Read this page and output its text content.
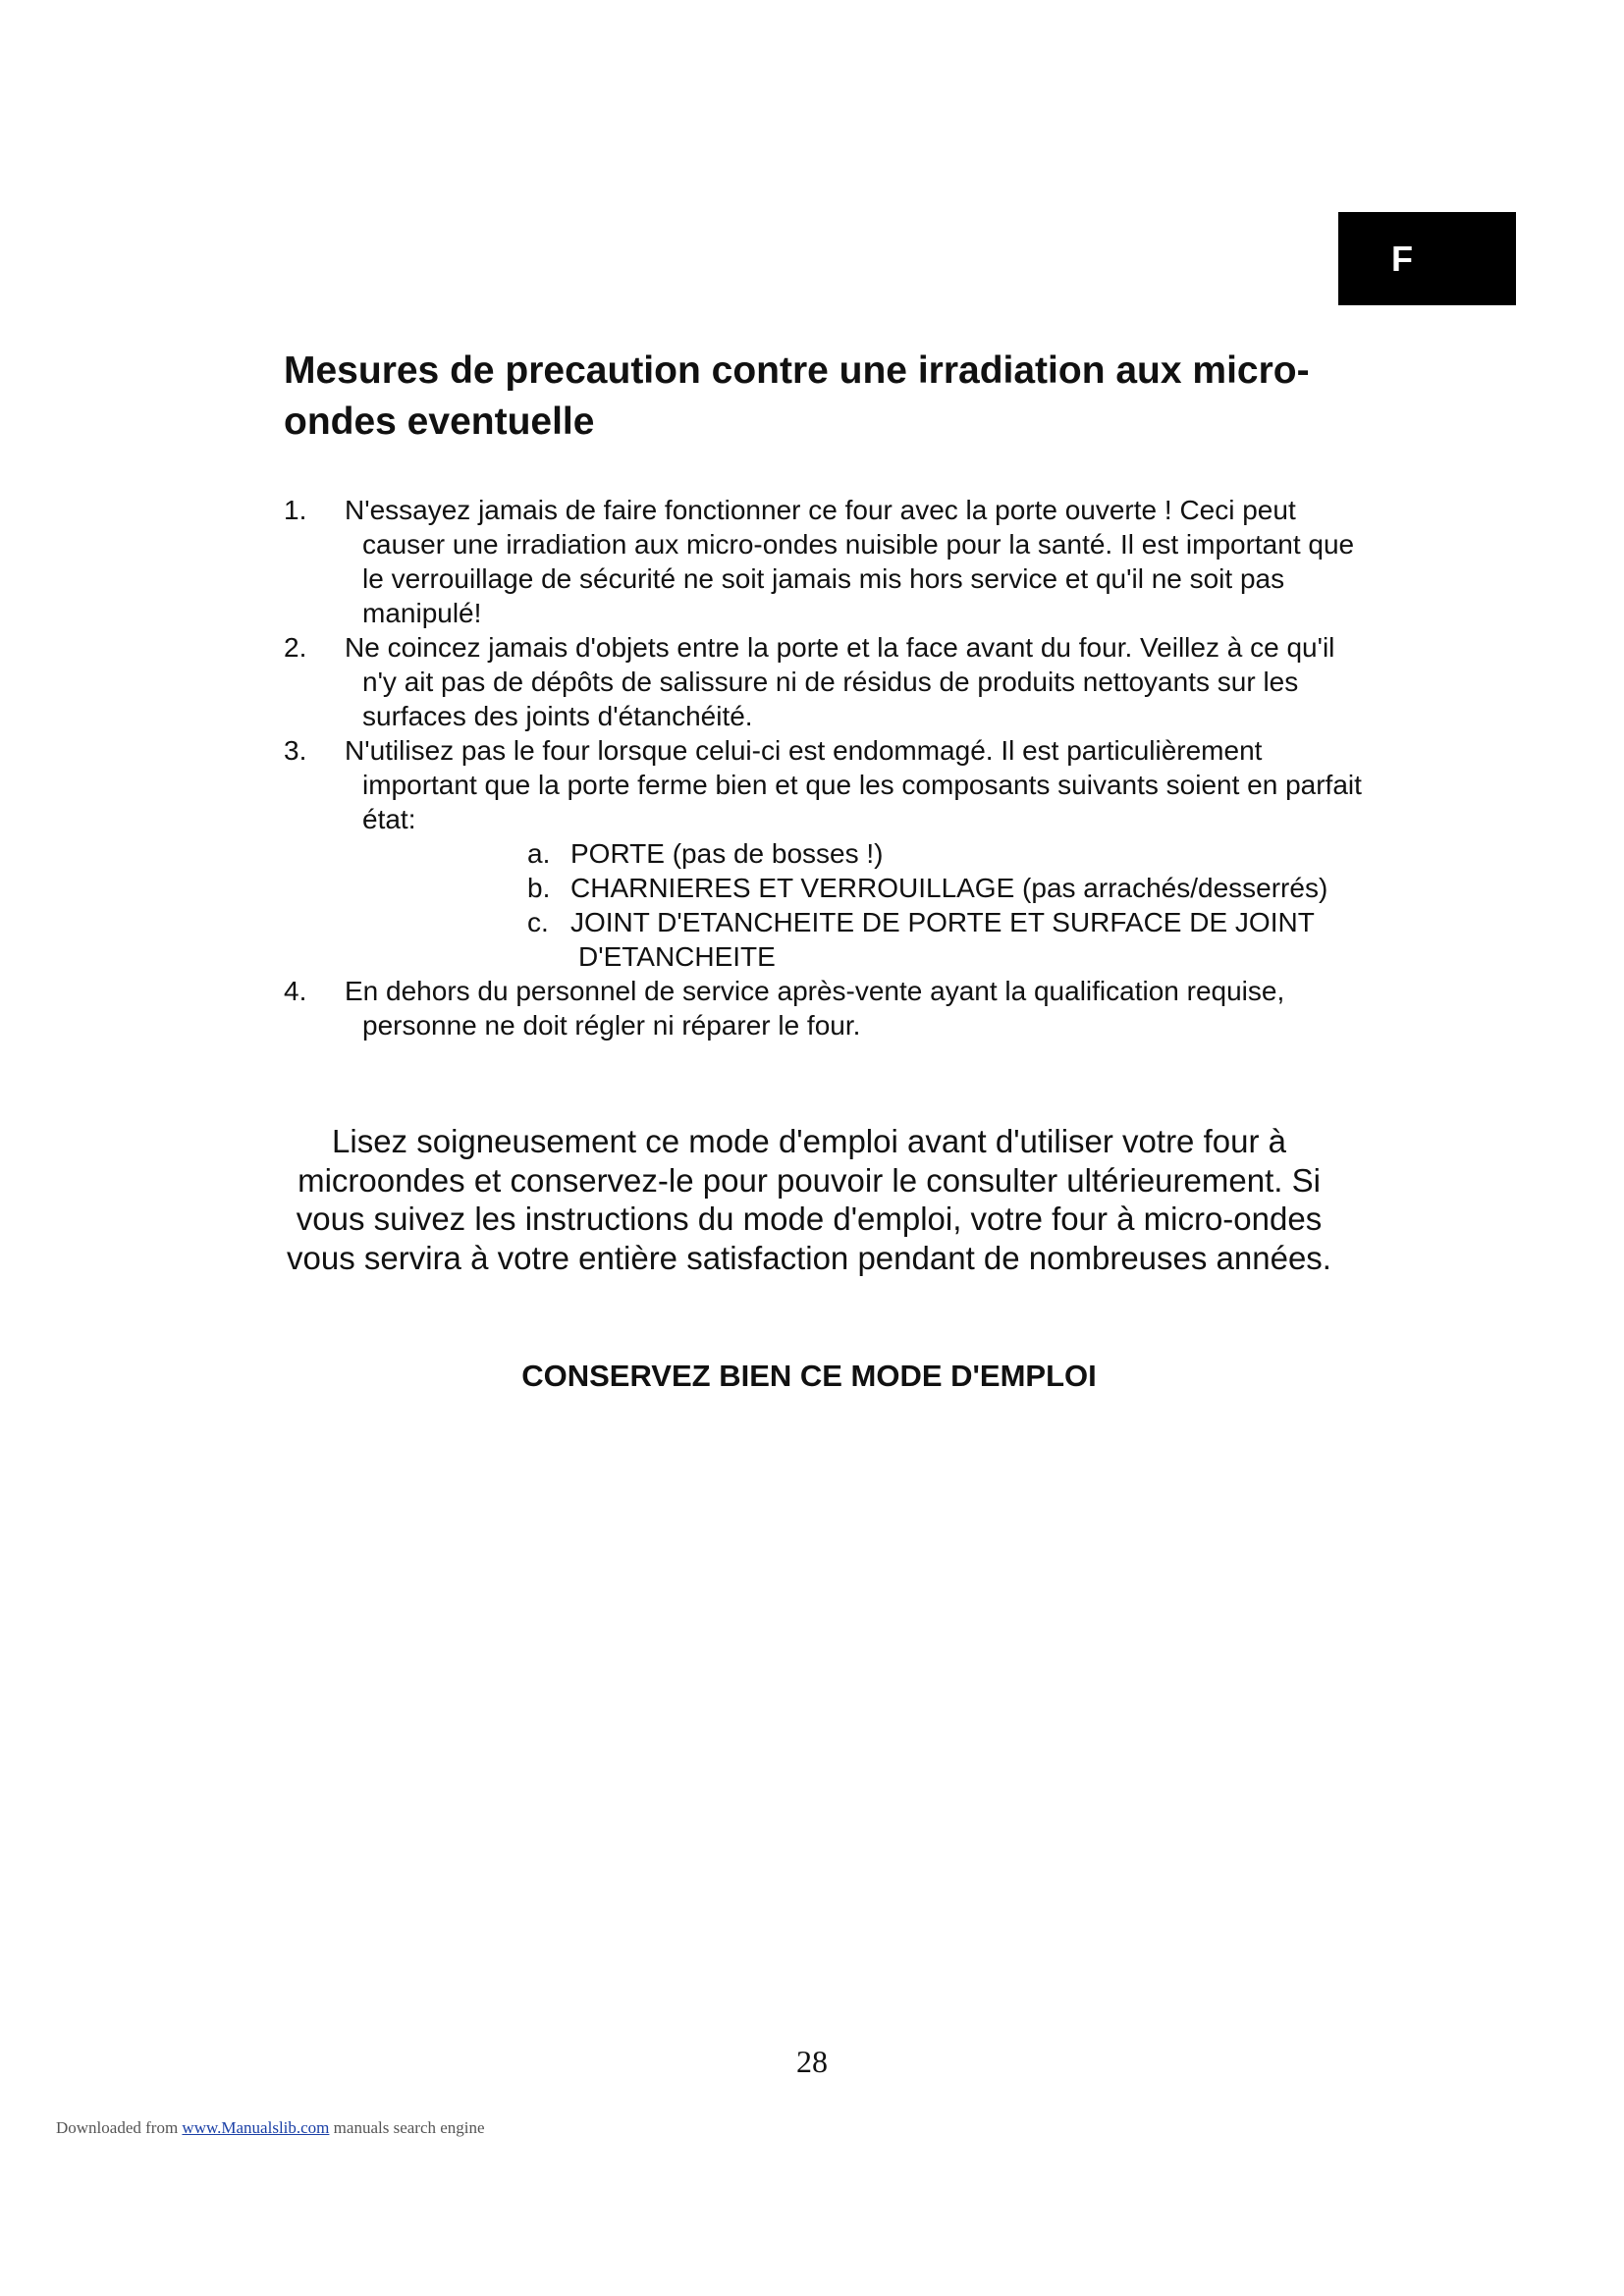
F
Mesures de precaution contre une irradiation aux micro-ondes eventuelle
1. N'essayez jamais de faire fonctionner ce four avec la porte ouverte ! Ceci peut causer une irradiation aux micro-ondes nuisible pour la santé. Il est important que le verrouillage de sécurité ne soit jamais mis hors service et qu'il ne soit pas manipulé!
2. Ne coincez jamais d'objets entre la porte et la face avant du four. Veillez à ce qu'il n'y ait pas de dépôts de salissure ni de résidus de produits nettoyants sur les surfaces des joints d'étanchéité.
3. N'utilisez pas le four lorsque celui-ci est endommagé. Il est particulièrement important que la porte ferme bien et que les composants suivants soient en parfait état:
a. PORTE (pas de bosses !)
b. CHARNIERES ET VERROUILLAGE (pas arrachés/desserrés)
c. JOINT D'ETANCHEITE DE PORTE ET SURFACE DE JOINT D'ETANCHEITE
4. En dehors du personnel de service après-vente ayant la qualification requise, personne ne doit régler ni réparer le four.

Lisez soigneusement ce mode d'emploi avant d'utiliser votre four à microondes et conservez-le pour pouvoir le consulter ultérieurement. Si vous suivez les instructions du mode d'emploi, votre four à micro-ondes vous servira à votre entière satisfaction pendant de nombreuses années.

CONSERVEZ BIEN CE MODE D'EMPLOI

28
Downloaded from www.Manualslib.com manuals search engine
